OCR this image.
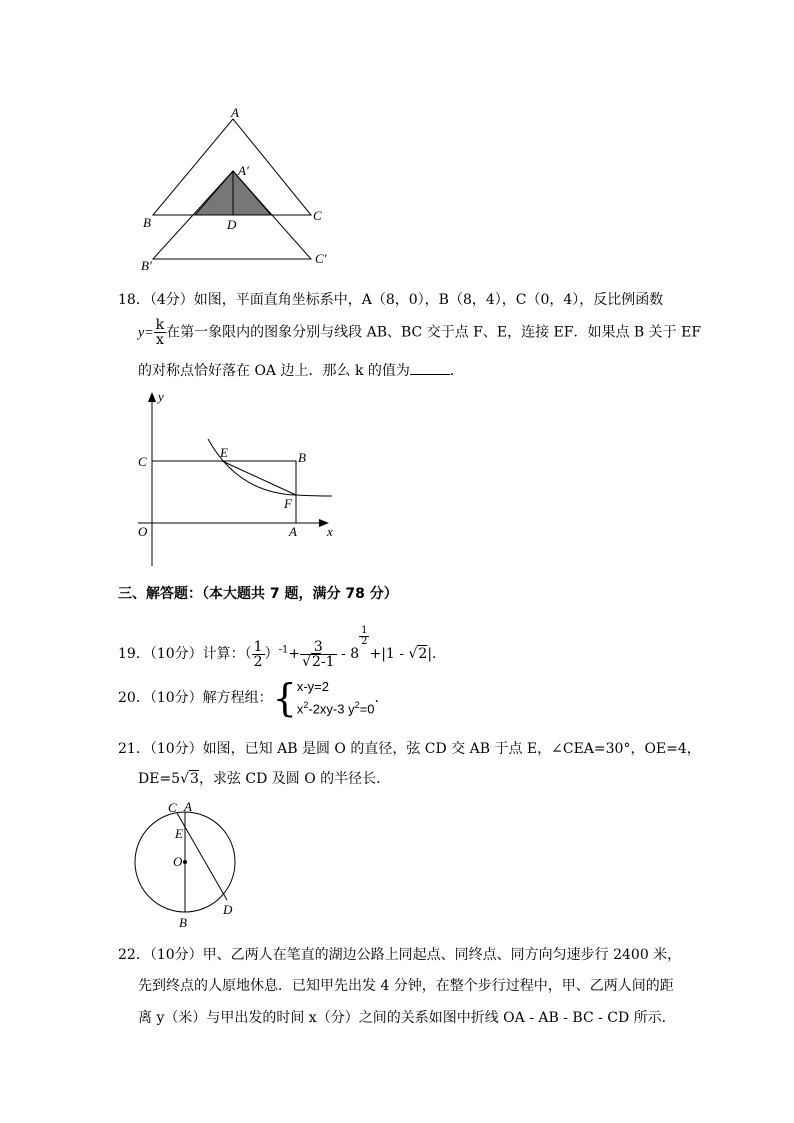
A
A′
B	C
D
B′	C′
18．（4分）如图，平面直角坐标系中，A（8，0），B（8，4），C（0，4），反比例函数
$y= \frac{k}{x}$ 在第一象限内的图象分别与线段 AB、BC 交于点 F、E，连接 EF．如果点 B 关于 EF
的对称点恰好落在 OA 边上．那么 k 的值为	．
y
x
O
C	B
E
F
A
三、解答题：（本大题共 7 题，满分 78 分）
19．（10分）计算：（ $\frac{1}{2} )^{-1}+ \frac{3}{√2-1} - 8$
$\frac{1}{2}$
+|1 - √2|．
20．（10分）解方程组：{ x-y=2
$x^2-2xy-3$ $y^2=0$
．
21．（10分）如图，已知 AB 是圆 O 的直径，弦 CD 交 AB 于点 E，∠CEA=30°，OE=4，
DE=5√3，求弦 CD 及圆 O 的半径长．
C A
E
O
D
B
22．（10分）甲、乙两人在笔直的湖边公路上同起点、同终点、同方向匀速步行 2400 米，
先到终点的人原地休息．已知甲先出发 4 分钟，在整个步行过程中，甲、乙两人间的距
离 y（米）与甲出发的时间 x（分）之间的关系如图中折线 OA - AB - BC - CD 所示．
